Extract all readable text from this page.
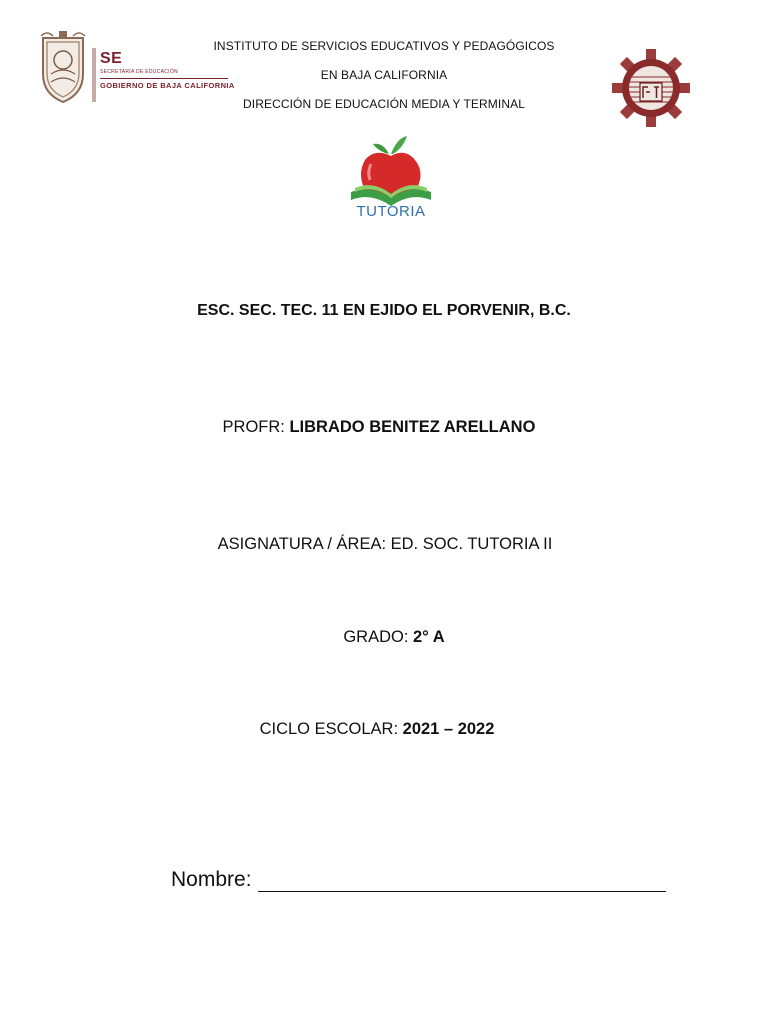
SE
SECRETARÍA DE EDUCACIÓN
GOBIERNO DE BAJA CALIFORNIA
INSTITUTO DE SERVICIOS EDUCATIVOS Y PEDAGÓGICOS
EN BAJA CALIFORNIA
DIRECCIÓN DE EDUCACIÓN MEDIA Y TERMINAL
TUTORIA
ESC. SEC. TEC. 11 EN EJIDO EL PORVENIR, B.C.
PROFR: LIBRADO BENITEZ ARELLANO
ASIGNATURA / ÁREA: ED. SOC. TUTORIA II
GRADO: 2° A
CICLO ESCOLAR: 2021 – 2022
Nombre:
